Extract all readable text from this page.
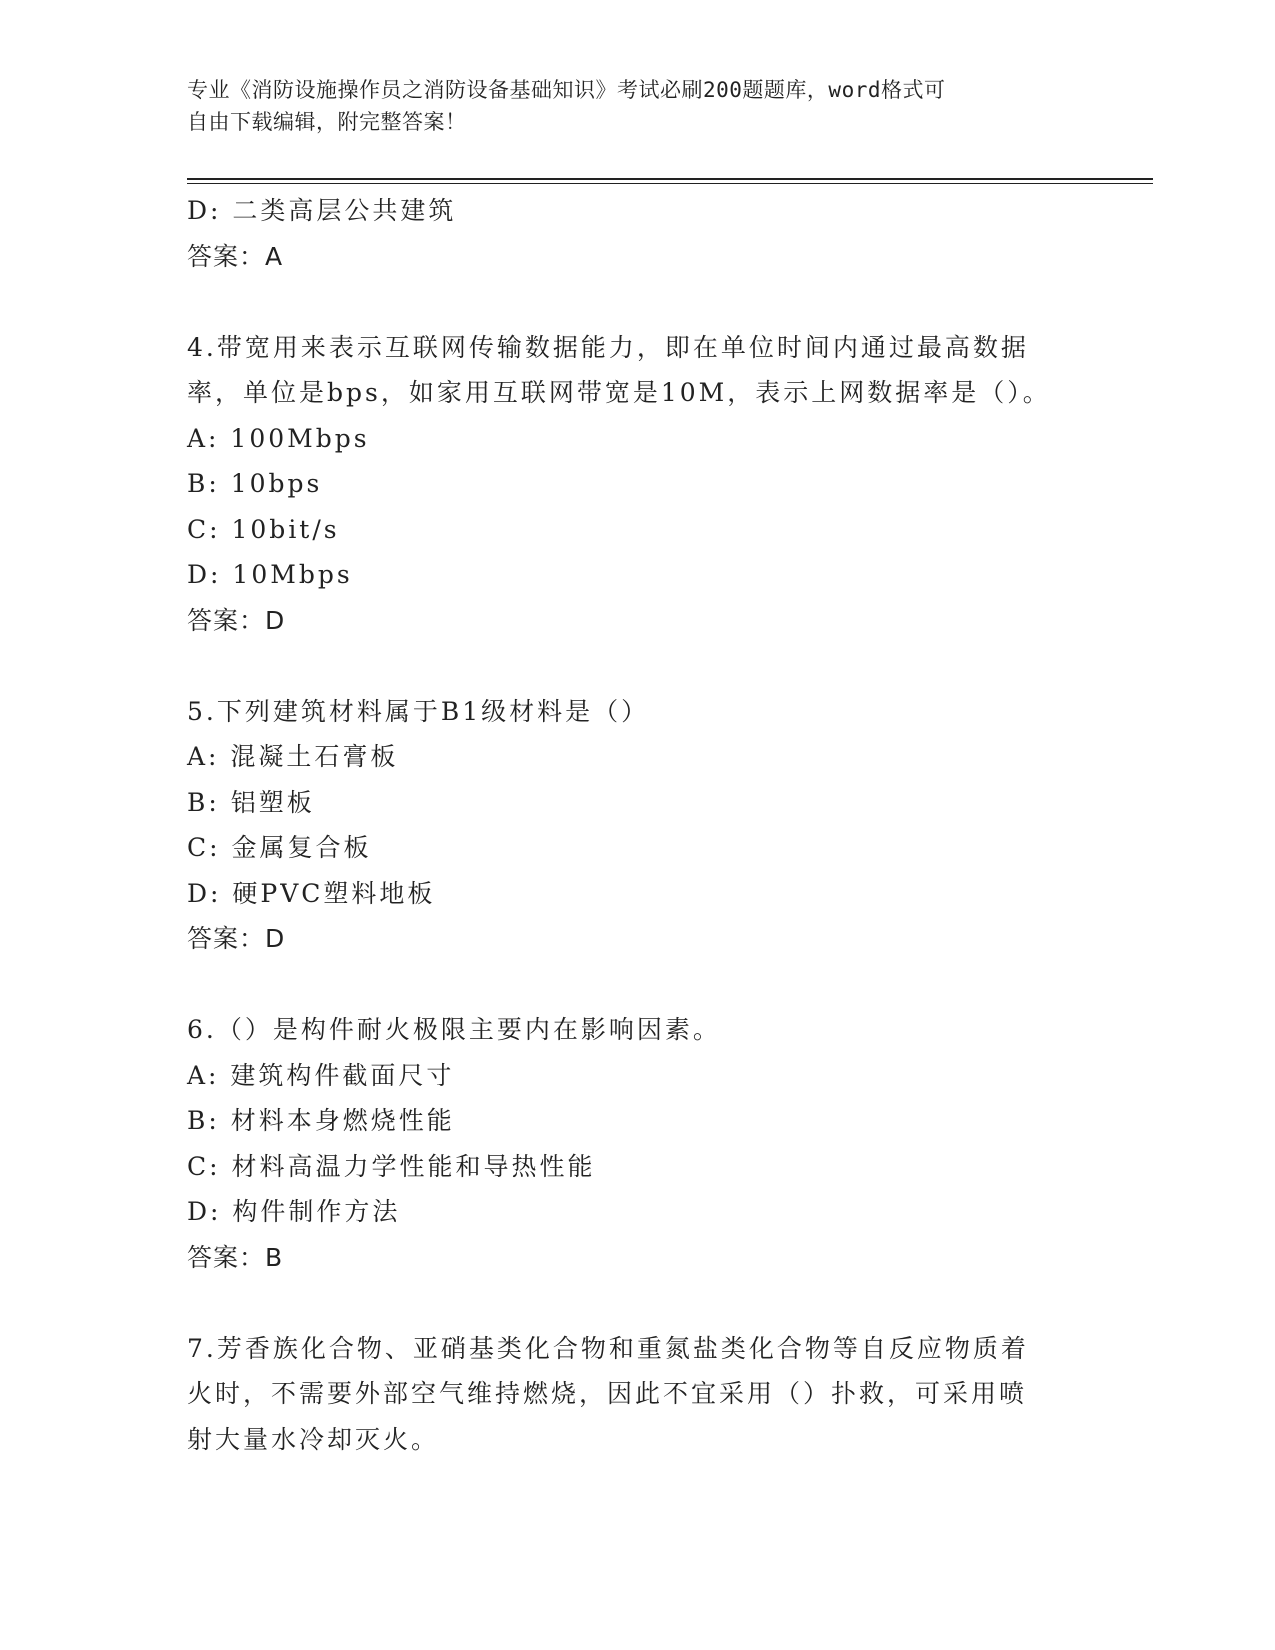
专业《消防设施操作员之消防设备基础知识》考试必刷200题题库，word格式可
自由下载编辑，附完整答案！
D: 二类高层公共建筑
答案：A
4.带宽用来表示互联网传输数据能力，即在单位时间内通过最高数据
率，单位是bps，如家用互联网带宽是10M，表示上网数据率是（）。
A: 100Mbps
B: 10bps
C: 10bit/s
D: 10Mbps
答案：D
5.下列建筑材料属于B1级材料是（）
A: 混凝土石膏板
B: 铝塑板
C: 金属复合板
D: 硬PVC塑料地板
答案：D
6.（）是构件耐火极限主要内在影响因素。
A: 建筑构件截面尺寸
B: 材料本身燃烧性能
C: 材料高温力学性能和导热性能
D: 构件制作方法
答案：B
7.芳香族化合物、亚硝基类化合物和重氮盐类化合物等自反应物质着
火时，不需要外部空气维持燃烧，因此不宜采用（）扑救，可采用喷
射大量水冷却灭火。
